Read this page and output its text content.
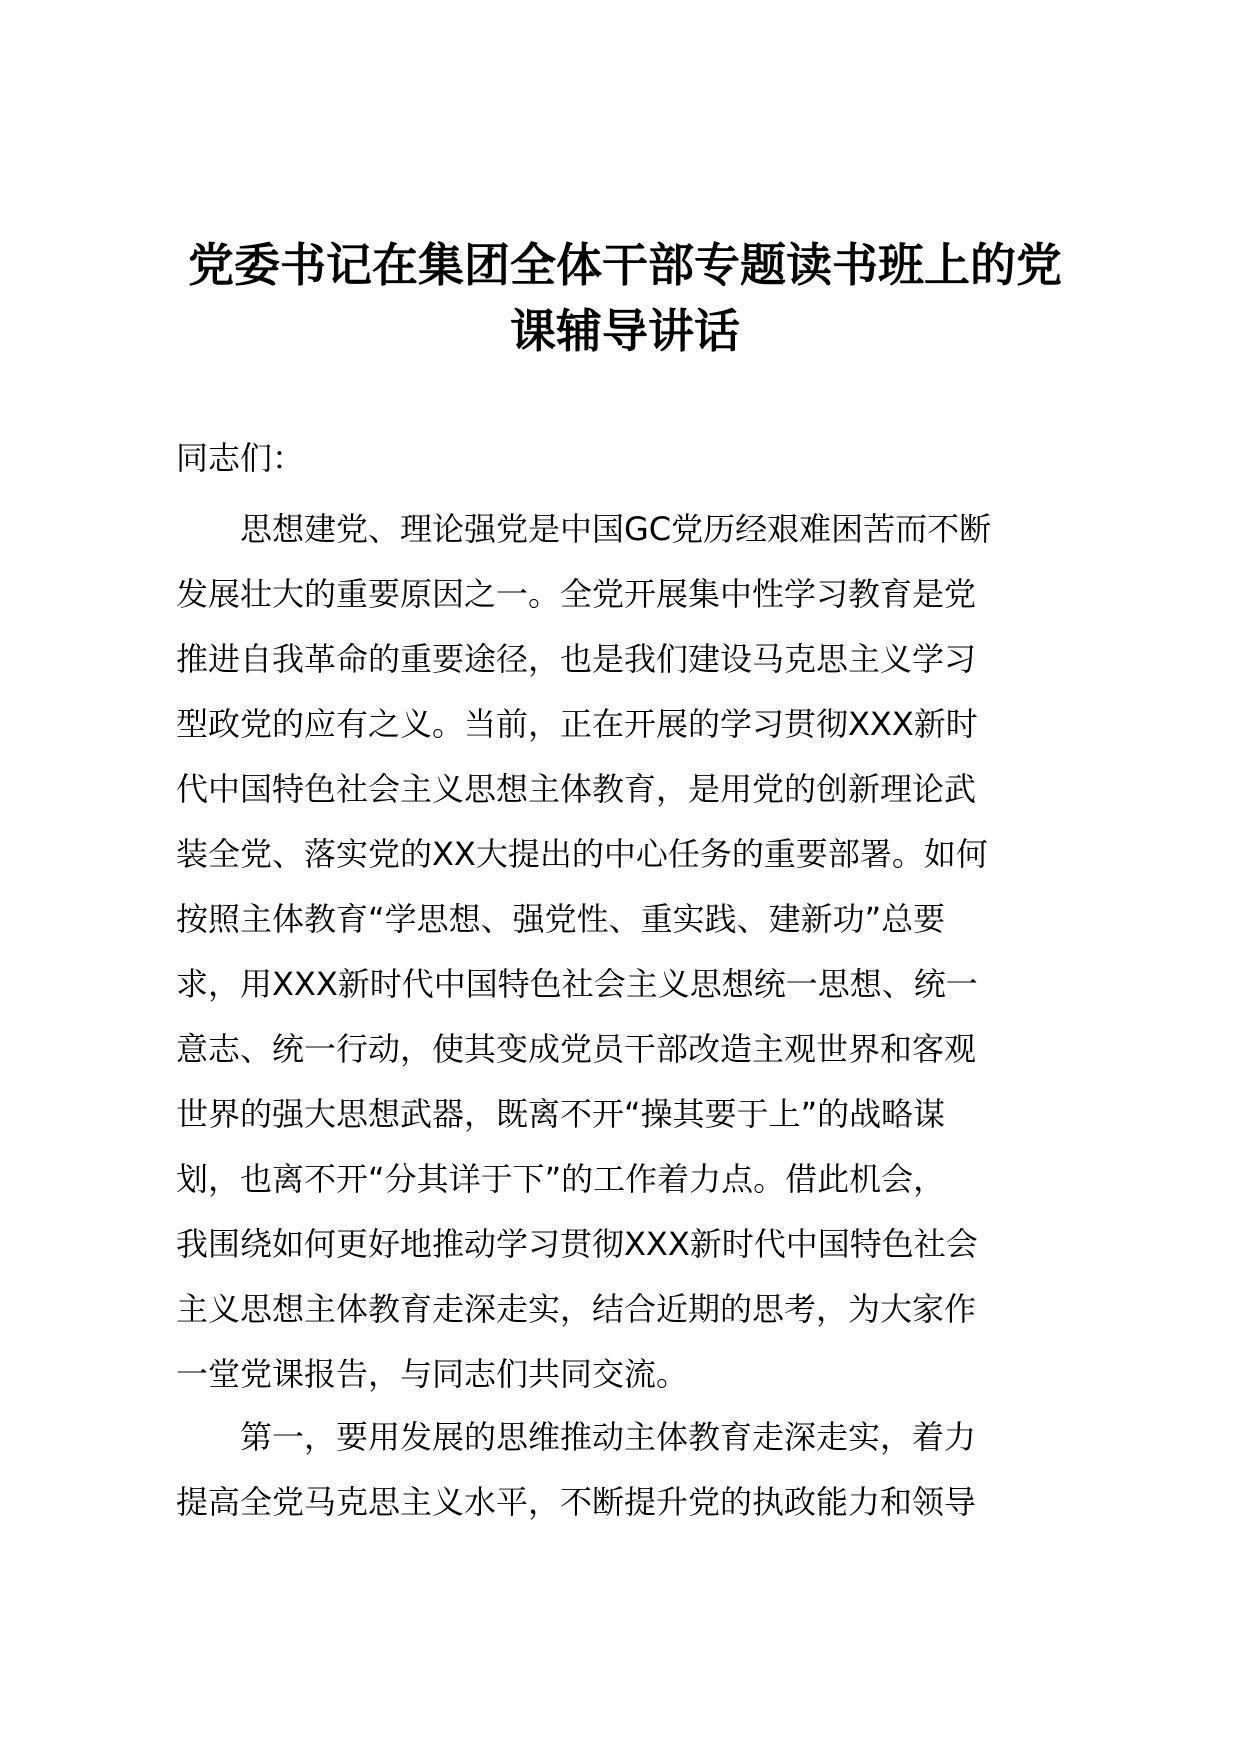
党委书记在集团全体干部专题读书班上的党
课辅导讲话
同志们：
思想建党、理论强党是中国GC党历经艰难困苦而不断
发展壮大的重要原因之一。全党开展集中性学习教育是党
推进自我革命的重要途径，也是我们建设马克思主义学习
型政党的应有之义。当前，正在开展的学习贯彻XXX新时
代中国特色社会主义思想主体教育，是用党的创新理论武
装全党、落实党的XX大提出的中心任务的重要部署。如何
按照主体教育“学思想、强党性、重实践、建新功”总要
求，用XXX新时代中国特色社会主义思想统一思想、统一
意志、统一行动，使其变成党员干部改造主观世界和客观
世界的强大思想武器，既离不开“操其要于上”的战略谋
划，也离不开“分其详于下”的工作着力点。借此机会，
我围绕如何更好地推动学习贯彻XXX新时代中国特色社会
主义思想主体教育走深走实，结合近期的思考，为大家作
一堂党课报告，与同志们共同交流。
第一，要用发展的思维推动主体教育走深走实，着力
提高全党马克思主义水平，不断提升党的执政能力和领导
